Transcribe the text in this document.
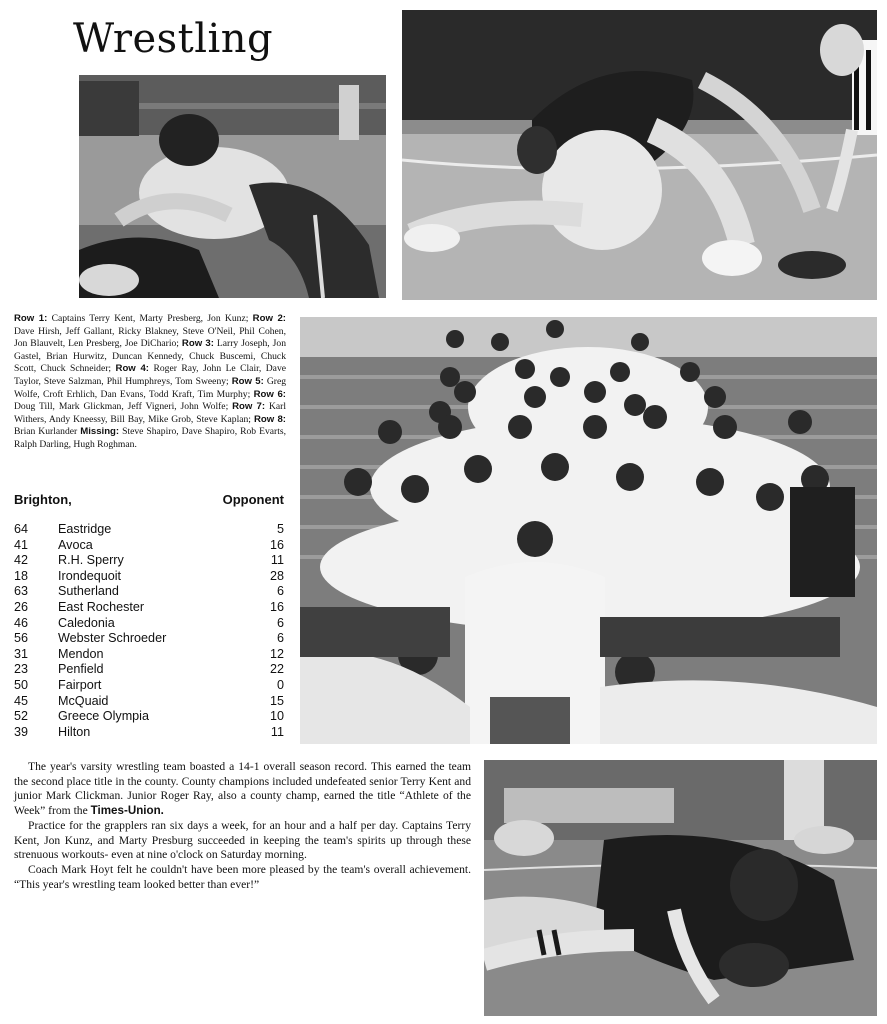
Wrestling
Row 1: Captains Terry Kent, Marty Presberg, Jon Kunz; Row 2: Dave Hirsh, Jeff Gallant, Ricky Blakney, Steve O'Neil, Phil Cohen, Jon Blauvelt, Len Presberg, Joe DiChario; Row 3: Larry Joseph, Jon Gastel, Brian Hurwitz, Duncan Kennedy, Chuck Buscemi, Chuck Scott, Chuck Schneider; Row 4: Roger Ray, John Le Clair, Dave Taylor, Steve Salzman, Phil Humphreys, Tom Sweeny; Row 5: Greg Wolfe, Croft Erhlich, Dan Evans, Todd Kraft, Tim Murphy; Row 6: Doug Till, Mark Glickman, Jeff Vigneri, John Wolfe; Row 7: Karl Withers, Andy Kneessy, Bill Bay, Mike Grob, Steve Kaplan; Row 8: Brian Kurlander Missing: Steve Shapiro, Dave Shapiro, Rob Evarts, Ralph Darling, Hugh Roghman.
Brighton,	Opponent
64 Eastridge	5
41 Avoca	16
42 R.H. Sperry	11
18 Irondequoit	28
63 Sutherland	6
26 East Rochester	16
46 Caledonia	6
56 Webster Schroeder	6
31 Mendon	12
23 Penfield	22
50 Fairport	0
45 McQuaid	15
52 Greece Olympia	10
39 Hilton	11

The year's varsity wrestling team boasted a 14-1 overall season record. This earned the team the second place title in the county. County champions included undefeated senior Terry Kent and junior Mark Clickman. Junior Roger Ray, also a county champ, earned the title “Athlete of the Week” from the Times-Union.

Practice for the grapplers ran six days a week, for an hour and a half per day. Captains Terry Kent, Jon Kunz, and Marty Presburg succeeded in keeping the team's spirits up through these strenuous workouts- even at nine o'clock on Saturday morning.

Coach Mark Hoyt felt he couldn't have been more pleased by the team's overall achievement. “This year's wrestling team looked better than ever!”
